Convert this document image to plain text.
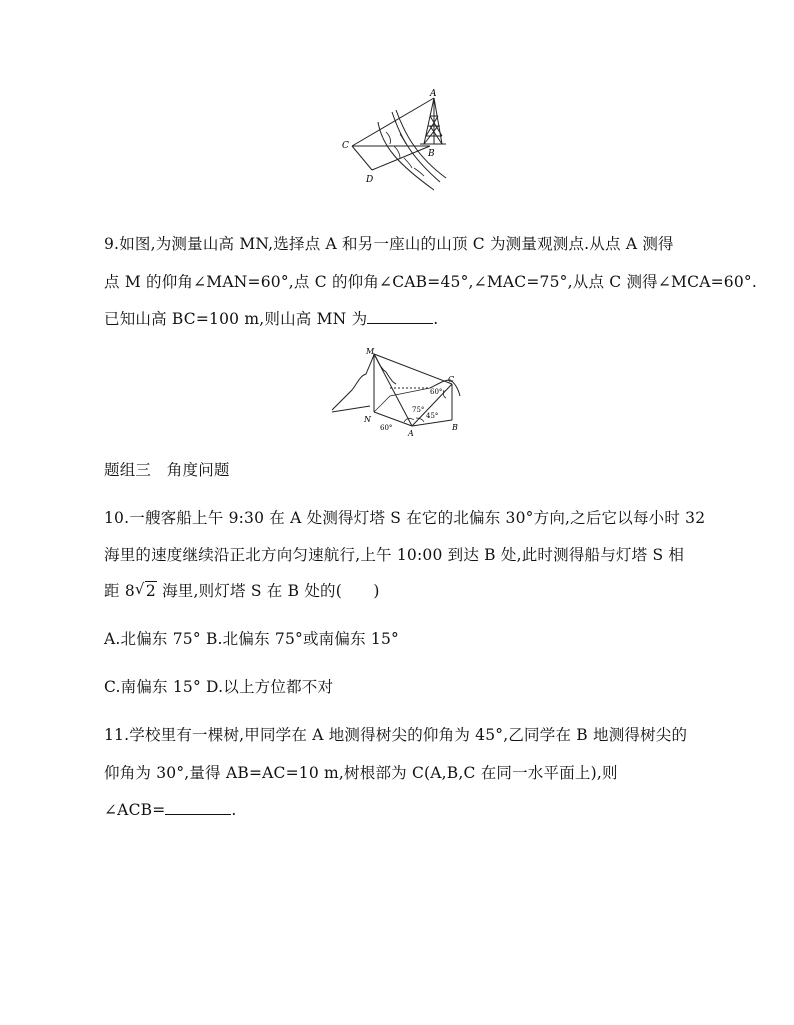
A
B
C
D
9.如图,为测量山高 MN,选择点 A 和另一座山的山顶 C 为测量观测点.从点 A 测得
点 M 的仰角∠MAN=60°,点 C 的仰角∠CAB=45°,∠MAC=75°,从点 C 测得∠MCA=60°.
已知山高 BC=100 m,则山高 MN 为	.
M
N
A
B
C
60°
75°
45°
60°
题组三　角度问题
10.一艘客船上午 9:30 在 A 处测得灯塔 S 在它的北偏东 30°方向,之后它以每小时 32
海里的速度继续沿正北方向匀速航行,上午 10:00 到达 B 处,此时测得船与灯塔 S 相
距 8 √ 2 海里,则灯塔 S 在 B 处的(　　)
A.北偏东 75° B.北偏东 75°或南偏东 15°
C.南偏东 15° D.以上方位都不对
11.学校里有一棵树,甲同学在 A 地测得树尖的仰角为 45°,乙同学在 B 地测得树尖的
仰角为 30°,量得 AB=AC=10 m,树根部为 C(A,B,C 在同一水平面上),则
∠ACB=	.
